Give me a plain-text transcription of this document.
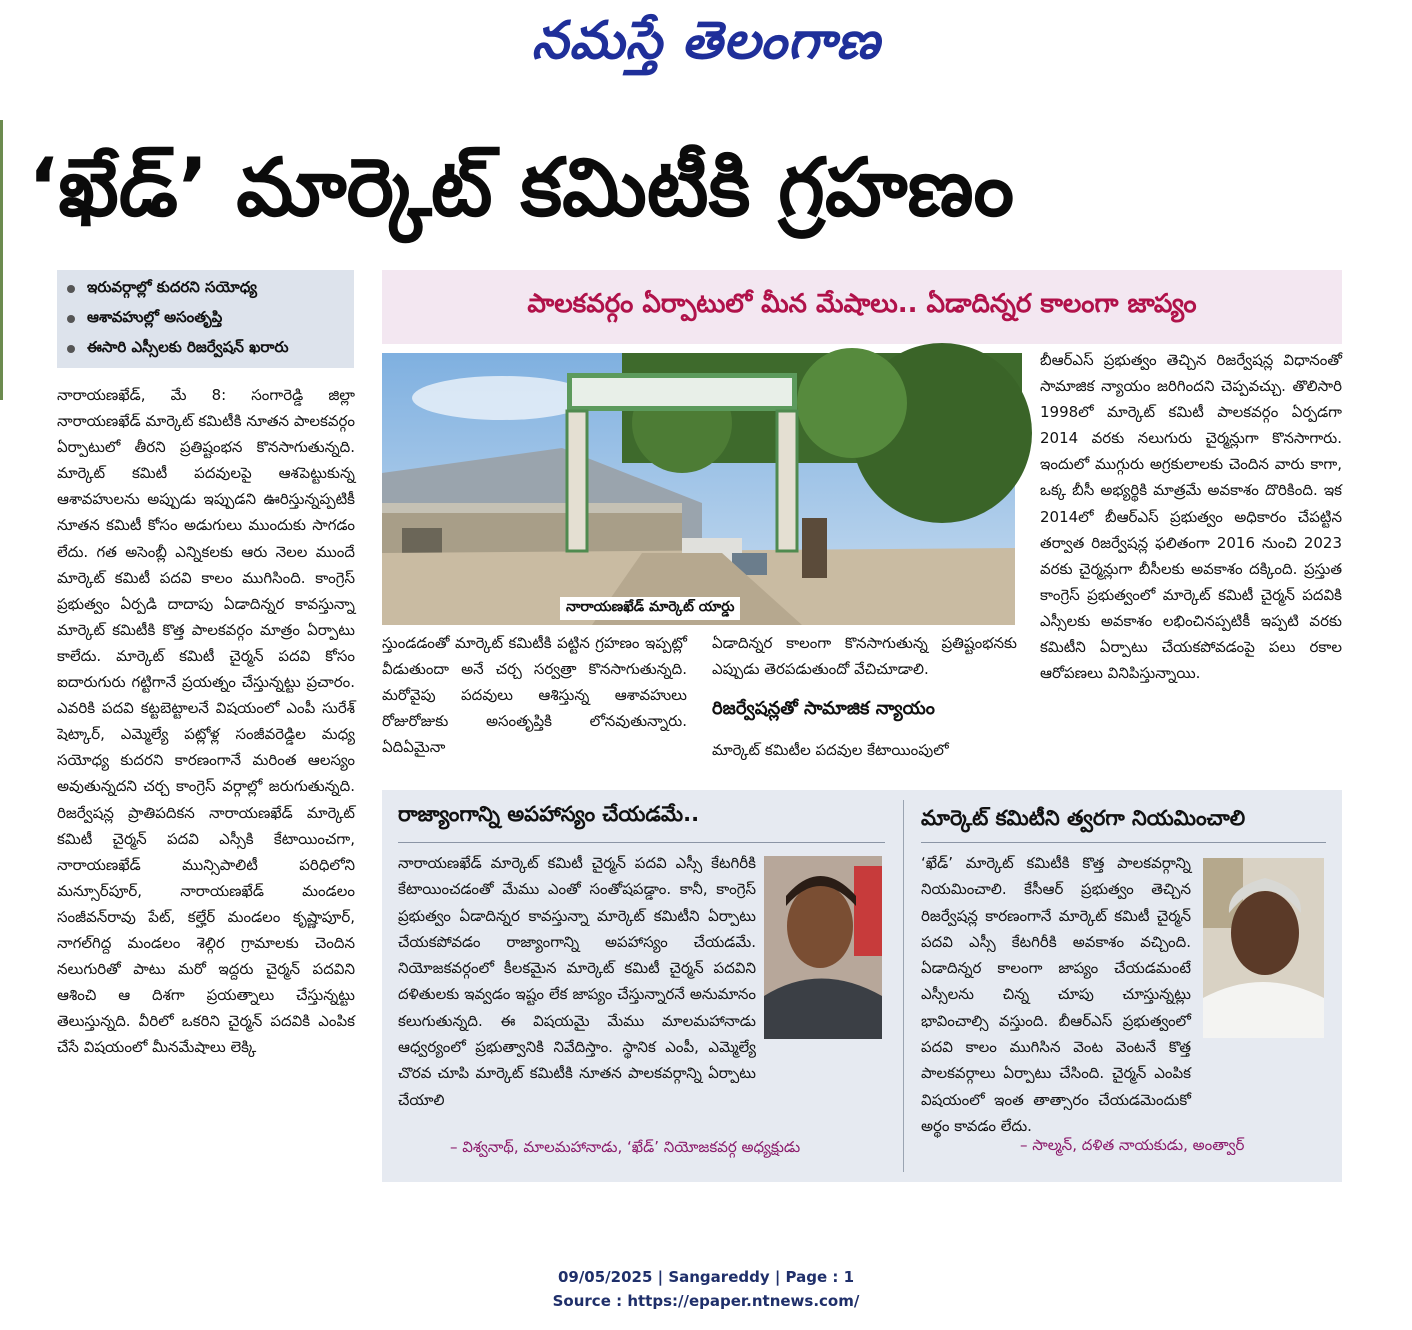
నమస్తే తెలంగాణ
‘ఖేడ్’ మార్కెట్ కమిటీకి గ్రహణం
ఇరువర్గాల్లో కుదరని సయోధ్య
ఆశావహుల్లో అసంతృప్తి
ఈసారి ఎస్సీలకు రిజర్వేషన్ ఖరారు
పాలకవర్గం ఏర్పాటులో మీన మేషాలు.. ఏడాదిన్నర కాలంగా జాప్యం

నారాయణఖేడ్, మే 8: సంగారెడ్డి జిల్లా నారాయణఖేడ్ మార్కెట్ కమిటీకి నూతన పాలకవర్గం ఏర్పాటులో తీరని ప్రతిష్టంభన కొనసాగుతున్నది. మార్కెట్ కమిటీ పదవులపై ఆశపెట్టుకున్న ఆశావహులను అప్పుడు ఇప్పుడని ఊరిస్తున్నప్పటికీ నూతన కమిటీ కోసం అడుగులు ముందుకు సాగడం లేదు. గత అసెంబ్లీ ఎన్నికలకు ఆరు నెలల ముందే మార్కెట్ కమిటీ పదవి కాలం ముగిసింది. కాంగ్రెస్ ప్రభుత్వం ఏర్పడి దాదాపు ఏడాదిన్నర కావస్తున్నా మార్కెట్ కమిటీకి కొత్త పాలకవర్గం మాత్రం ఏర్పాటు కాలేదు. మార్కెట్ కమిటీ చైర్మన్ పదవి కోసం ఐదారుగురు గట్టిగానే ప్రయత్నం చేస్తున్నట్టు ప్రచారం. ఎవరికి పదవి కట్టబెట్టాలనే విషయంలో ఎంపీ సురేశ్ షెట్కార్, ఎమ్మెల్యే పట్లోళ్ల సంజీవరెడ్డిల మధ్య సయోధ్య కుదరని కారణంగానే మరింత ఆలస్యం అవుతున్నదని చర్చ కాంగ్రెస్ వర్గాల్లో జరుగుతున్నది. రిజర్వేషన్ల ప్రాతిపదికన నారాయణఖేడ్ మార్కెట్ కమిటీ చైర్మన్ పదవి ఎస్సీకి కేటాయించగా, నారాయణఖేడ్ మున్సిపాలిటీ పరిధిలోని మన్సూర్‌పూర్, నారాయణఖేడ్ మండలం సంజీవన్‌రావు పేట్, కల్హేర్ మండలం కృష్ణాపూర్, నాగల్‌గిద్ద మండలం శెల్గిర గ్రామాలకు చెందిన నలుగురితో పాటు మరో ఇద్దరు చైర్మన్ పదవిని ఆశించి ఆ దిశగా ప్రయత్నాలు చేస్తున్నట్టు తెలుస్తున్నది. వీరిలో ఒకరిని చైర్మన్ పదవికి ఎంపిక చేసే విషయంలో మీనమేషాలు లెక్కి

నారాయణఖేడ్ మార్కెట్ యార్డు

స్తుండడంతో మార్కెట్ కమిటీకి పట్టిన గ్రహణం ఇప్పట్లో వీడుతుందా అనే చర్చ సర్వత్రా కొనసాగుతున్నది. మరోవైపు పదవులు ఆశిస్తున్న ఆశావహులు రోజురోజుకు అసంతృప్తికి లోనవుతున్నారు. ఏదిఏమైనా

ఏడాదిన్నర కాలంగా కొనసాగుతున్న ప్రతిష్టంభనకు ఎప్పుడు తెరపడుతుందో వేచిచూడాలి.
రిజర్వేషన్లతో సామాజిక న్యాయం
మార్కెట్ కమిటీల పదవుల కేటాయింపులో

బీఆర్‌ఎస్ ప్రభుత్వం తెచ్చిన రిజర్వేషన్ల విధానంతో సామాజిక న్యాయం జరిగిందని చెప్పవచ్చు. తొలిసారి 1998లో మార్కెట్ కమిటీ పాలకవర్గం ఏర్పడగా 2014 వరకు నలుగురు చైర్మన్లుగా కొనసాగారు. ఇందులో ముగ్గురు అగ్రకులాలకు చెందిన వారు కాగా, ఒక్క బీసీ అభ్యర్థికి మాత్రమే అవకాశం దొరికింది. ఇక 2014లో బీఆర్‌ఎస్ ప్రభుత్వం అధికారం చేపట్టిన తర్వాత రిజర్వేషన్ల ఫలితంగా 2016 నుంచి 2023 వరకు చైర్మన్లుగా బీసీలకు అవకాశం దక్కింది. ప్రస్తుత కాంగ్రెస్ ప్రభుత్వంలో మార్కెట్ కమిటీ చైర్మన్ పదవికి ఎస్సీలకు అవకాశం లభించినప్పటికీ ఇప్పటి వరకు కమిటీని ఏర్పాటు చేయకపోవడంపై పలు రకాల ఆరోపణలు వినిపిస్తున్నాయి.

రాజ్యాంగాన్ని అపహాస్యం చేయడమే..
నారాయణఖేడ్ మార్కెట్ కమిటీ చైర్మన్ పదవి ఎస్సీ కేటగిరీకి కేటాయించడంతో మేము ఎంతో సంతోషపడ్డాం. కానీ, కాంగ్రెస్ ప్రభుత్వం ఏడాదిన్నర కావస్తున్నా మార్కెట్ కమిటీని ఏర్పాటు చేయకపోవడం రాజ్యాంగాన్ని అపహాస్యం చేయడమే. నియోజకవర్గంలో కీలకమైన మార్కెట్ కమిటీ చైర్మన్ పదవిని దళితులకు ఇవ్వడం ఇష్టం లేక జాప్యం చేస్తున్నారనే అనుమానం కలుగుతున్నది. ఈ విషయమై మేము మాలమహానాడు ఆధ్వర్యంలో ప్రభుత్వానికి నివేదిస్తాం. స్థానిక ఎంపీ, ఎమ్మెల్యే చొరవ చూపి మార్కెట్ కమిటీకి నూతన పాలకవర్గాన్ని ఏర్పాటు చేయాలి
– విశ్వనాథ్, మాలమహానాడు, ‘ఖేడ్’ నియోజకవర్గ అధ్యక్షుడు
మార్కెట్ కమిటీని త్వరగా నియమించాలి
‘ఖేడ్’ మార్కెట్ కమిటీకి కొత్త పాలకవర్గాన్ని నియమించాలి. కేసీఆర్ ప్రభుత్వం తెచ్చిన రిజర్వేషన్ల కారణంగానే మార్కెట్ కమిటీ చైర్మన్ పదవి ఎస్సీ కేటగిరీకి అవకాశం వచ్చింది. ఏడాదిన్నర కాలంగా జాప్యం చేయడమంటే ఎస్సీలను చిన్న చూపు చూస్తున్నట్లు భావించాల్సి వస్తుంది. బీఆర్‌ఎస్ ప్రభుత్వంలో పదవి కాలం ముగిసిన వెంట వెంటనే కొత్త పాలకవర్గాలు ఏర్పాటు చేసింది. చైర్మన్ ఎంపిక విషయంలో ఇంత తాత్సారం చేయడమెందుకో అర్థం కావడం లేదు.
– సాల్మన్, దళిత నాయకుడు, అంత్వార్
09/05/2025 | Sangareddy | Page : 1
Source : https://epaper.ntnews.com/
